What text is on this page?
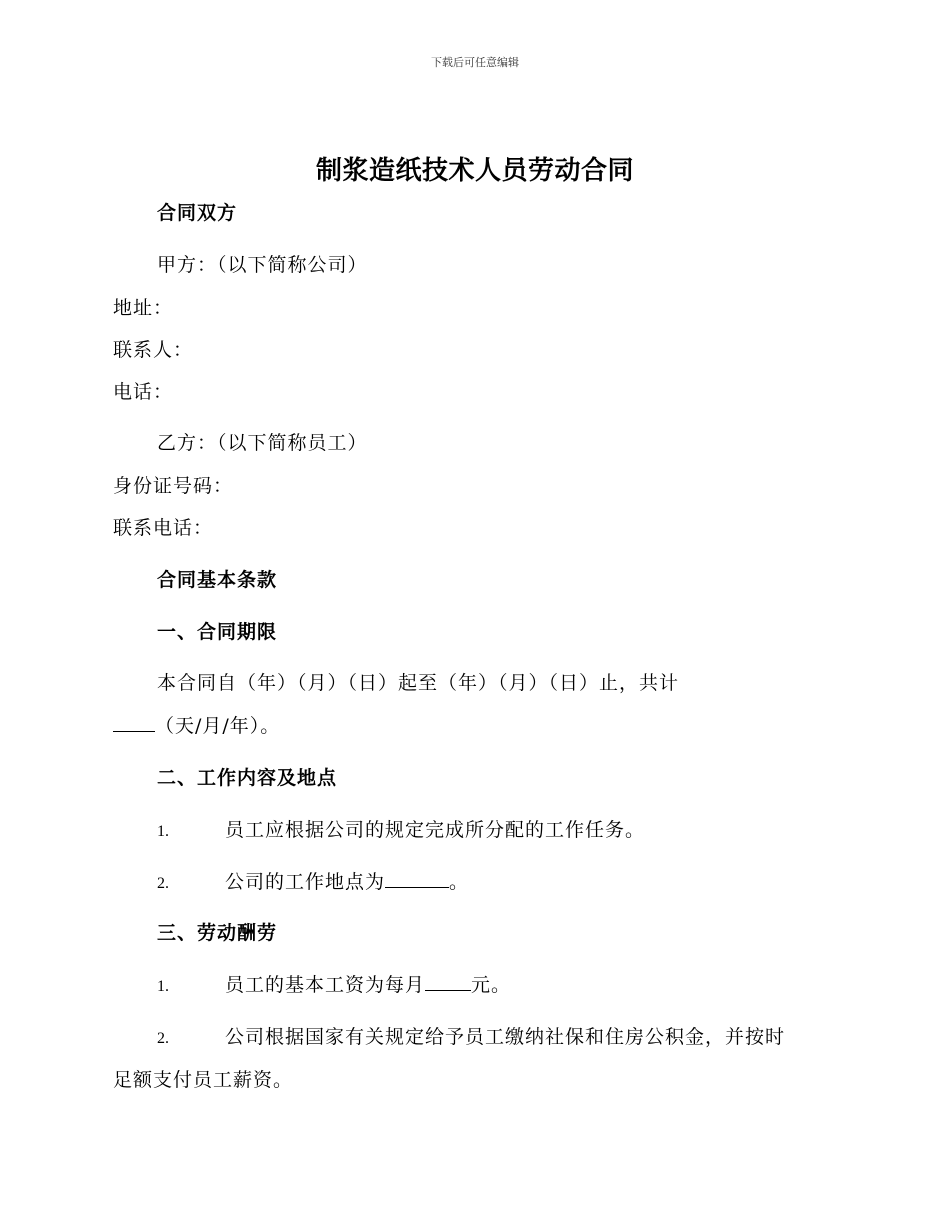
下载后可任意编辑
制浆造纸技术人员劳动合同
合同双方
甲方：（以下简称公司）
地址：
联系人：
电话：
乙方：（以下简称员工）
身份证号码：
联系电话：
合同基本条款
一、合同期限
本合同自（年）（月）（日）起至（年）（月）（日）止，共计
（天/月/年）。
二、工作内容及地点
1.	员工应根据公司的规定完成所分配的工作任务。
2.	公司的工作地点为	。
三、劳动酬劳
1.	员工的基本工资为每月 元。
2.	公司根据国家有关规定给予员工缴纳社保和住房公积金，并按时
足额支付员工薪资。
